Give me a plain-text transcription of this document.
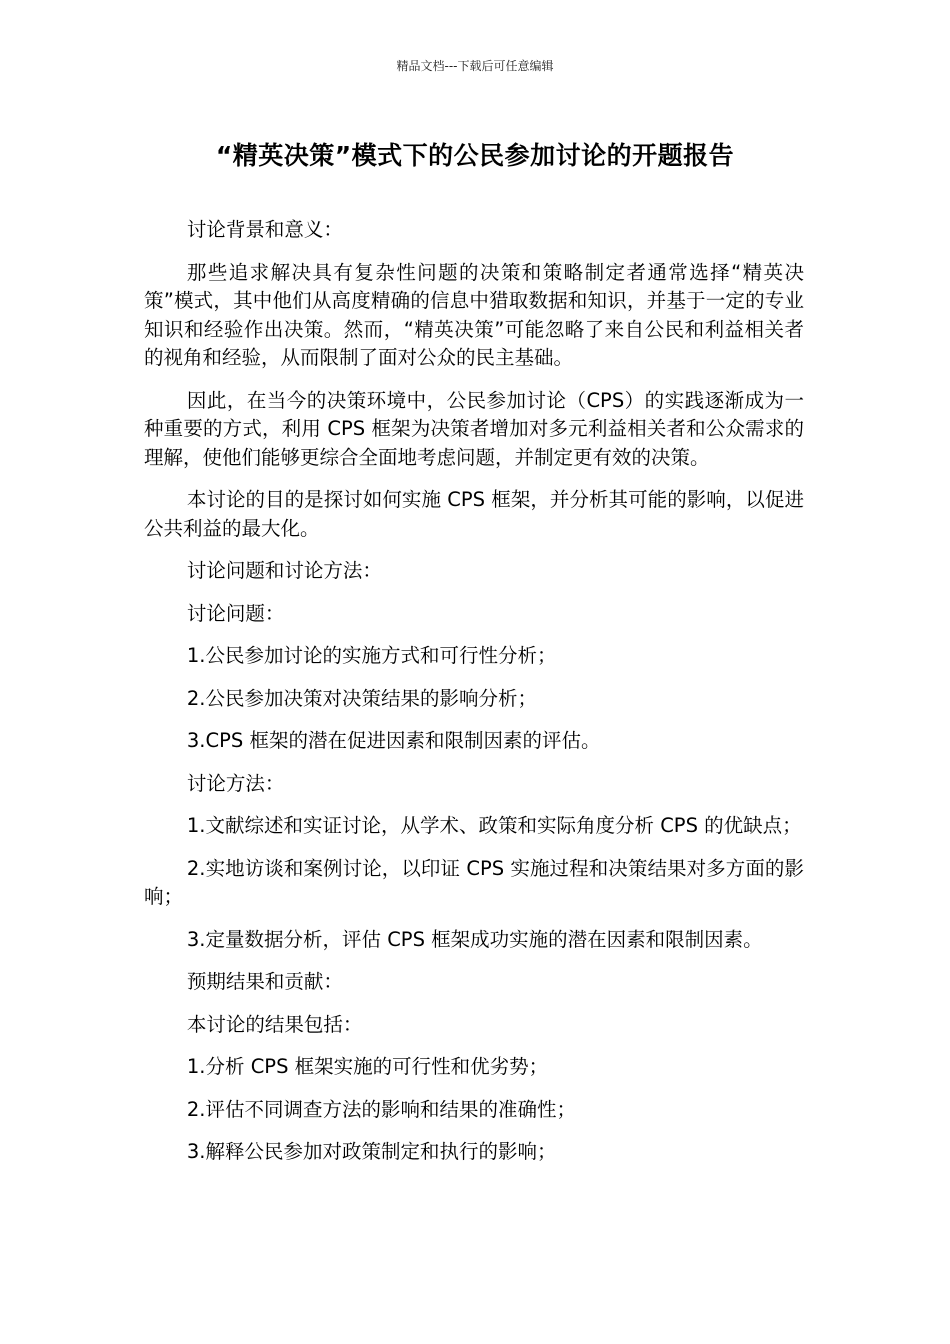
精品文档---下载后可任意编辑
“精英决策”模式下的公民参加讨论的开题报告

讨论背景和意义：

那些追求解决具有复杂性问题的决策和策略制定者通常选择“精英决策”模式，其中他们从高度精确的信息中猎取数据和知识，并基于一定的专业知识和经验作出决策。然而，“精英决策”可能忽略了来自公民和利益相关者的视角和经验，从而限制了面对公众的民主基础。

因此，在当今的决策环境中，公民参加讨论（CPS）的实践逐渐成为一种重要的方式，利用 CPS 框架为决策者增加对多元利益相关者和公众需求的理解，使他们能够更综合全面地考虑问题，并制定更有效的决策。

本讨论的目的是探讨如何实施 CPS 框架，并分析其可能的影响，以促进公共利益的最大化。

讨论问题和讨论方法：

讨论问题：

1.公民参加讨论的实施方式和可行性分析；

2.公民参加决策对决策结果的影响分析；

3.CPS 框架的潜在促进因素和限制因素的评估。

讨论方法：

1.文献综述和实证讨论，从学术、政策和实际角度分析 CPS 的优缺点；

2.实地访谈和案例讨论，以印证 CPS 实施过程和决策结果对多方面的影响；

3.定量数据分析，评估 CPS 框架成功实施的潜在因素和限制因素。

预期结果和贡献：

本讨论的结果包括：

1.分析 CPS 框架实施的可行性和优劣势；

2.评估不同调查方法的影响和结果的准确性；

3.解释公民参加对政策制定和执行的影响；
